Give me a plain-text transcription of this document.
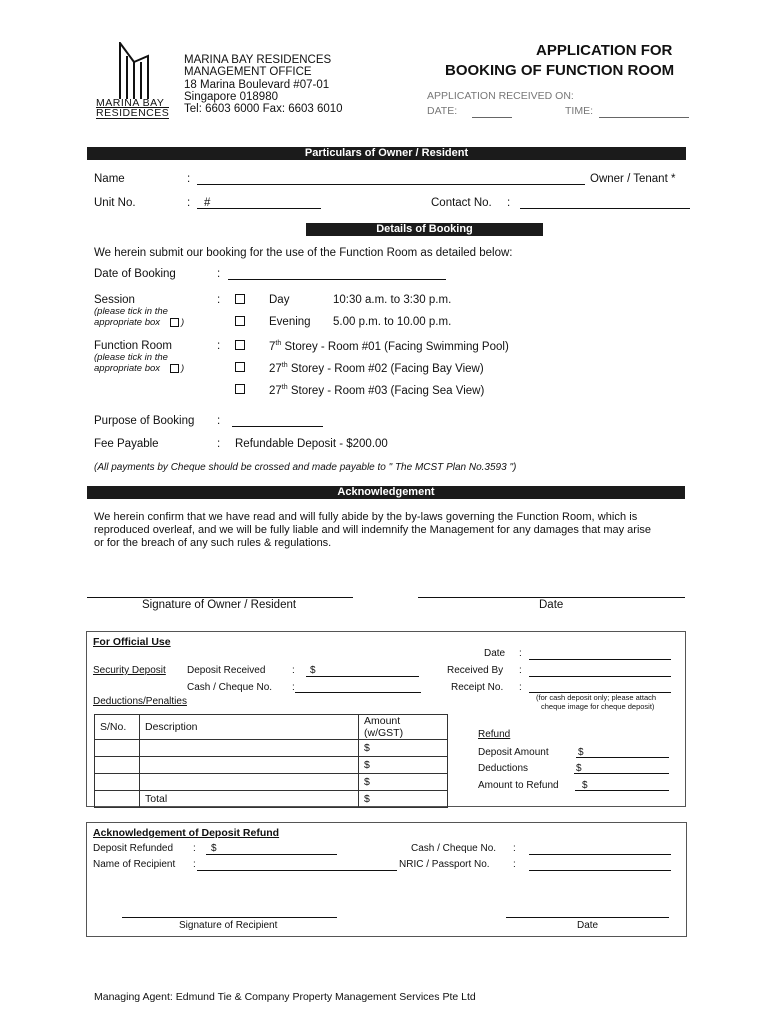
MARINA BAY
RESIDENCES
MARINA BAY RESIDENCES
MANAGEMENT OFFICE
18 Marina Boulevard #07-01
Singapore 018980
Tel: 6603 6000 Fax: 6603 6010
APPLICATION FOR
BOOKING OF FUNCTION ROOM
APPLICATION RECEIVED ON:
DATE:	TIME:
Particulars of Owner / Resident
Name	:	Owner / Tenant *
Unit No.	: #	Contact No. :
Details of Booking
We herein submit our booking for the use of the Function Room as detailed below:
Date of Booking	:
Session
(please tick in the
appropriate box )
:	Day	10:30 a.m. to 3:30 p.m.
Evening 5.00 p.m. to 10.00 p.m.
Function Room
(please tick in the
appropriate box )
:	7th Storey - Room #01 (Facing Swimming Pool)
27th Storey - Room #02 (Facing Bay View)
27th Storey - Room #03 (Facing Sea View)
Purpose of Booking :
Fee Payable	: Refundable Deposit - $200.00
(All payments by Cheque should be crossed and made payable to " The MCST Plan No.3593 ")
Acknowledgement
We herein confirm that we have read and will fully abide by the by-laws governing the Function Room, which is
reproduced overleaf, and we will be fully liable and will indemnify the Management for any damages that may arise
or for the breach of any such rules & regulations.
Signature of Owner / Resident	Date
For Official Use
Security Deposit Deposit Received	: $
Cash / Cheque No. :
Deductions/Penalties
Date :
Received By :
Receipt No. :
(for cash deposit only; please attach
cheque image for cheque deposit)
S/No.	Description	Amount (w/GST)
		$
		$
		$
	Total	$
Refund
Deposit Amount	$
Deductions	$
Amount to Refund $
Acknowledgement of Deposit Refund
Deposit Refunded : $
Name of Recipient :
Cash / Cheque No. :
NRIC / Passport No. :
Signature of Recipient	Date
Managing Agent: Edmund Tie & Company Property Management Services Pte Ltd
